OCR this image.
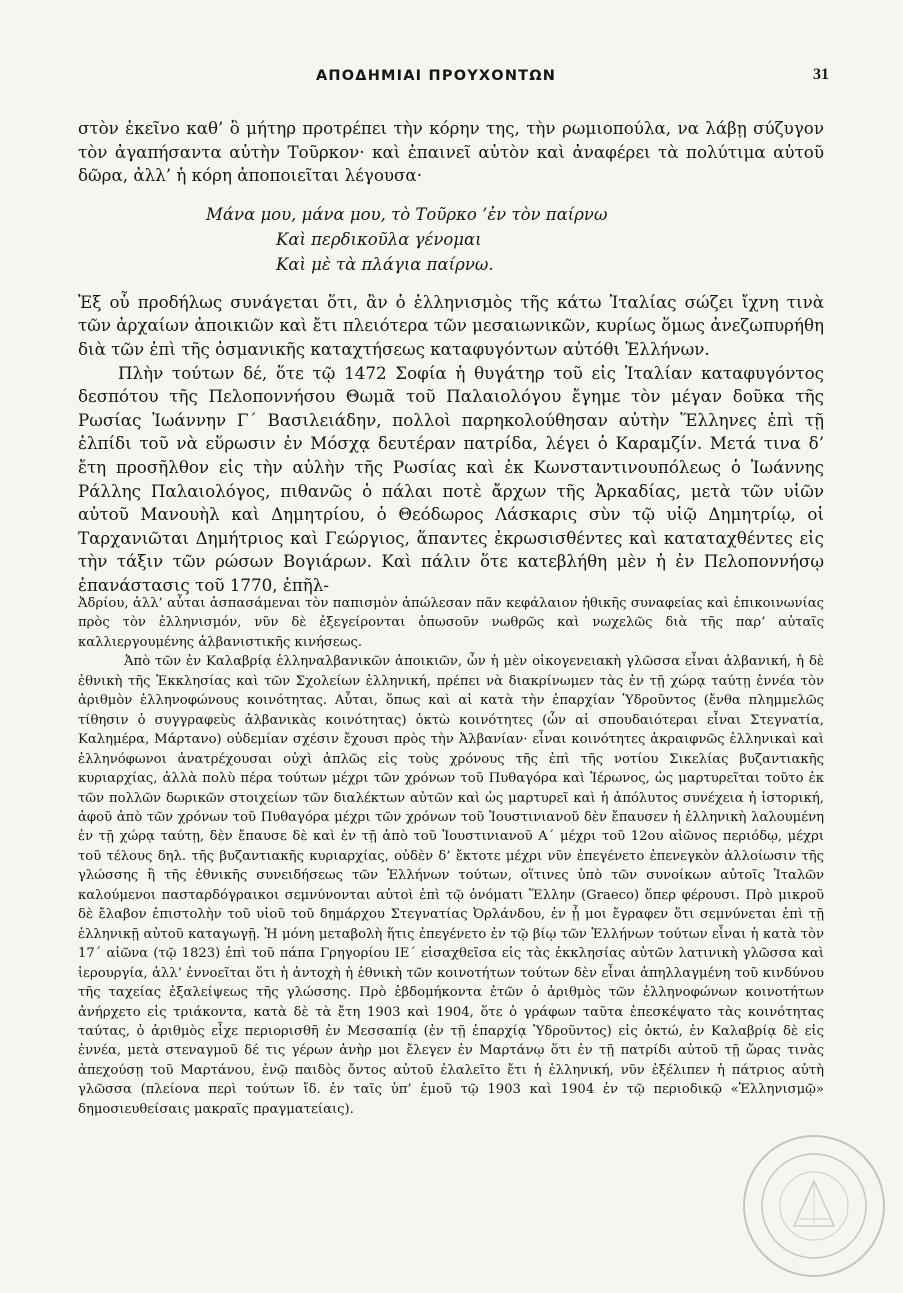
ΑΠΟΔΗΜΙΑΙ ΠΡΟΥΧΟΝΤΩΝ	31

στὸν ἐκεῖνο καθ’ ὃ μήτηρ προτρέπει τὴν κόρην της, τὴν ρωμιοπούλα, να λάβῃ σύζυγον τὸν ἀγαπήσαντα αὐτὴν Τοῦρκον· καὶ ἐπαινεῖ αὐτὸν καὶ ἀναφέρει τὰ πολύτιμα αὐτοῦ δῶρα, ἀλλ’ ἡ κόρη ἀποποιεῖται λέγουσα·

Μάνα μου, μάνα μου, τὸ Τοῦρκο ’ἐν τὸν παίρνω
Καὶ περδικοῦλα γένομαι
Καὶ μὲ τὰ πλάγια παίρνω.

Ἐξ οὗ προδήλως συνάγεται ὅτι, ἂν ὁ ἑλληνισμὸς τῆς κάτω Ἰταλίας σώζει ἴχνη τινὰ τῶν ἀρχαίων ἀποικιῶν καὶ ἔτι πλειότερα τῶν μεσαιωνικῶν, κυρίως ὅμως ἀνεζωπυρήθη διὰ τῶν ἐπὶ τῆς ὀσμανικῆς καταχτήσεως καταφυγόντων αὐτόθι Ἑλλήνων.

Πλὴν τούτων δέ, ὅτε τῷ 1472 Σοφία ἡ θυγάτηρ τοῦ εἰς Ἰταλίαν καταφυγόντος δεσπότου τῆς Πελοποννήσου Θωμᾶ τοῦ Παλαιολόγου ἔγημε τὸν μέγαν δοῦκα τῆς Ρωσίας Ἰωάννην Γ´ Βασιλειάδην, πολλοὶ παρηκολούθησαν αὐτὴν Ἕλληνες ἐπὶ τῇ ἐλπίδι τοῦ νὰ εὕρωσιν ἐν Μόσχᾳ δευτέραν πατρίδα, λέγει ὁ Καραμζίν. Μετά τινα δ’ ἔτη προσῆλθον εἰς τὴν αὐλὴν τῆς Ρωσίας καὶ ἐκ Κωνσταντινουπόλεως ὁ Ἰωάννης Ράλλης Παλαιολόγος, πιθανῶς ὁ πάλαι ποτὲ ἄρχων τῆς Ἀρκαδίας, μετὰ τῶν υἱῶν αὐτοῦ Μανουὴλ καὶ Δημητρίου, ὁ Θεόδωρος Λάσκαρις σὺν τῷ υἱῷ Δημητρίῳ, οἱ Ταρχανιῶται Δημήτριος καὶ Γεώργιος, ἅπαντες ἐκρωσισθέντες καὶ καταταχθέντες εἰς τὴν τάξιν τῶν ρώσων Βογιάρων. Καὶ πάλιν ὅτε κατεβλήθη μὲν ἡ ἐν Πελοποννήσῳ ἐπανάστασις τοῦ 1770, ἐπῆλ-

Ἀδρίου, ἀλλ’ αὗται ἀσπασάμεναι τὸν παπισμὸν ἀπώλεσαν πᾶν κεφάλαιον ἠθικῆς συναφείας καὶ ἐπικοινωνίας πρὸς τὸν ἑλληνισμόν, νῦν δὲ ἐξεγείρονται ὁπωσοῦν νωθρῶς καὶ νωχελῶς διὰ τῆς παρ’ αὐταῖς καλλιεργουμένης ἀλβανιστικῆς κινήσεως.

Ἀπὸ τῶν ἐν Καλαβρίᾳ ἑλληναλβανικῶν ἀποικιῶν, ὧν ἡ μὲν οἰκογενειακὴ γλῶσσα εἶναι ἀλβανική, ἡ δὲ ἐθνικὴ τῆς Ἐκκλησίας καὶ τῶν Σχολείων ἑλληνική, πρέπει νὰ διακρίνωμεν τὰς ἐν τῇ χώρᾳ ταύτῃ ἐννέα τὸν ἀριθμὸν ἑλληνοφώνους κοινότητας. Αὗται, ὅπως καὶ αἱ κατὰ τὴν ἐπαρχίαν Ὑδροῦντος (ἔνθα πλημμελῶς τίθησιν ὁ συγγραφεὺς ἀλβανικὰς κοινότητας) ὀκτὼ κοινότητες (ὧν αἱ σπουδαιότεραι εἶναι Στεγνατία, Καλημέρα, Μάρτανο) οὐδεμίαν σχέσιν ἔχουσι πρὸς τὴν Ἀλβανίαν· εἶναι κοινότητες ἀκραιφνῶς ἑλληνικαὶ καὶ ἑλληνόφωνοι ἀνατρέχουσαι οὐχὶ ἁπλῶς εἰς τοὺς χρόνους τῆς ἐπὶ τῆς νοτίου Σικελίας βυζαντιακῆς κυριαρχίας, ἀλλὰ πολὺ πέρα τούτων μέχρι τῶν χρόνων τοῦ Πυθαγόρα καὶ Ἱέρωνος, ὡς μαρτυρεῖται τοῦτο ἐκ τῶν πολλῶν δωρικῶν στοιχείων τῶν διαλέκτων αὐτῶν καὶ ὡς μαρτυρεῖ καὶ ἡ ἀπόλυτος συνέχεια ἡ ἱστορική, ἀφοῦ ἀπὸ τῶν χρόνων τοῦ Πυθαγόρα μέχρι τῶν χρόνων τοῦ Ἰουστινιανοῦ δὲν ἔπαυσεν ἡ ἑλληνικὴ λαλουμένη ἐν τῇ χώρᾳ ταύτῃ, δὲν ἔπαυσε δὲ καὶ ἐν τῇ ἀπὸ τοῦ Ἰουστινιανοῦ Α´ μέχρι τοῦ 12ου αἰῶνος περιόδῳ, μέχρι τοῦ τέλους δηλ. τῆς βυζαντιακῆς κυριαρχίας, οὐδὲν δ’ ἔκτοτε μέχρι νῦν ἐπεγένετο ἐπενεγκὸν ἀλλοίωσιν τῆς γλώσσης ἢ τῆς ἐθνικῆς συνειδήσεως τῶν Ἑλλήνων τούτων, οἵτινες ὑπὸ τῶν συνοίκων αὐτοῖς Ἰταλῶν καλούμενοι πασταρδόγραικοι σεμνύνονται αὐτοὶ ἐπὶ τῷ ὀνόματι Ἕλλην (Graeco) ὅπερ φέρουσι. Πρὸ μικροῦ δὲ ἔλαβον ἐπιστολὴν τοῦ υἱοῦ τοῦ δημάρχου Στεγνατίας Ὀρλάνδου, ἐν ᾗ μοι ἔγραφεν ὅτι σεμνύνεται ἐπὶ τῇ ἑλληνικῇ αὐτοῦ καταγωγῇ. Ἡ μόνη μεταβολὴ ἥτις ἐπεγένετο ἐν τῷ βίῳ τῶν Ἑλλήνων τούτων εἶναι ἡ κατὰ τὸν 17´ αἰῶνα (τῷ 1823) ἐπὶ τοῦ πάπα Γρηγορίου ΙΕ´ εἰσαχθεῖσα εἰς τὰς ἐκκλησίας αὐτῶν λατινικὴ γλῶσσα καὶ ἱερουργία, ἀλλ’ ἐννοεῖται ὅτι ἡ ἀντοχὴ ἡ ἐθνικὴ τῶν κοινοτήτων τούτων δὲν εἶναι ἀπηλλαγμένη τοῦ κινδύνου τῆς ταχείας ἐξαλείψεως τῆς γλώσσης. Πρὸ ἑβδομήκοντα ἐτῶν ὁ ἀριθμὸς τῶν ἑλληνοφώνων κοινοτήτων ἀνήρχετο εἰς τριάκοντα, κατὰ δὲ τὰ ἔτη 1903 καὶ 1904, ὅτε ὁ γράφων ταῦτα ἐπεσκέψατο τὰς κοινότητας ταύτας, ὁ ἀριθμὸς εἶχε περιορισθῆ ἐν Μεσσαπίᾳ (ἐν τῇ ἐπαρχίᾳ Ὑδροῦντος) εἰς ὀκτώ, ἐν Καλαβρίᾳ δὲ εἰς ἐννέα, μετὰ στεναγμοῦ δέ τις γέρων ἀνὴρ μοι ἔλεγεν ἐν Μαρτάνῳ ὅτι ἐν τῇ πατρίδι αὐτοῦ τῇ ὥρας τινὰς ἀπεχούσῃ τοῦ Μαρτάνου, ἐνῷ παιδὸς ὄντος αὐτοῦ ἐλαλεῖτο ἔτι ἡ ἑλληνική, νῦν ἐξέλιπεν ἡ πάτριος αὐτὴ γλῶσσα (πλείονα περὶ τούτων ἴδ. ἐν ταῖς ὑπ’ ἐμοῦ τῷ 1903 καὶ 1904 ἐν τῷ περιοδικῷ «Ἑλληνισμῷ» δημοσιευθείσαις μακραῖς πραγματείαις).
